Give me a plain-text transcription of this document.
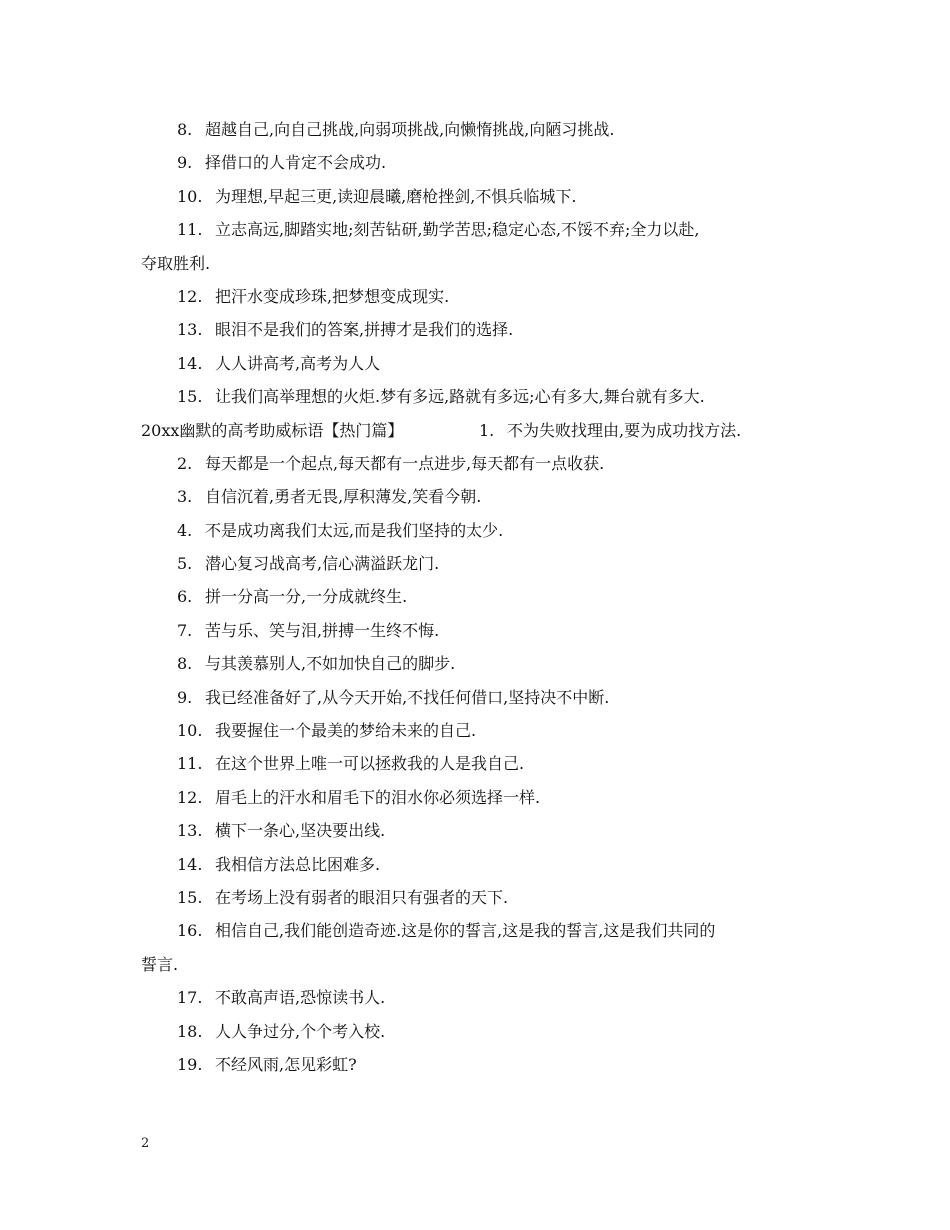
8. 超越自己,向自己挑战,向弱项挑战,向懒惰挑战,向陋习挑战.
9. 择借口的人肯定不会成功.
10. 为理想,早起三更,读迎晨曦,磨枪挫剑,不惧兵临城下.
11. 立志高远,脚踏实地;刻苦钻研,勤学苦思;稳定心态,不馁不弃;全力以赴,
夺取胜利.
12. 把汗水变成珍珠,把梦想变成现实.
13. 眼泪不是我们的答案,拼搏才是我们的选择.
14. 人人讲高考,高考为人人
15. 让我们高举理想的火炬.梦有多远,路就有多远;心有多大,舞台就有多大.
20xx幽默的高考助威标语【热门篇】	1. 不为失败找理由,要为成功找方法.
2. 每天都是一个起点,每天都有一点进步,每天都有一点收获.
3. 自信沉着,勇者无畏,厚积薄发,笑看今朝.
4. 不是成功离我们太远,而是我们坚持的太少.
5. 潜心复习战高考,信心满溢跃龙门.
6. 拼一分高一分,一分成就终生.
7. 苦与乐、笑与泪,拼搏一生终不悔.
8. 与其羡慕别人,不如加快自己的脚步.
9. 我已经准备好了,从今天开始,不找任何借口,坚持决不中断.
10. 我要握住一个最美的梦给未来的自己.
11. 在这个世界上唯一可以拯救我的人是我自己.
12. 眉毛上的汗水和眉毛下的泪水你必须选择一样.
13. 横下一条心,坚决要出线.
14. 我相信方法总比困难多.
15. 在考场上没有弱者的眼泪只有强者的天下.
16. 相信自己,我们能创造奇迹.这是你的誓言,这是我的誓言,这是我们共同的
誓言.
17. 不敢高声语,恐惊读书人.
18. 人人争过分,个个考入校.
19. 不经风雨,怎见彩虹?
2
